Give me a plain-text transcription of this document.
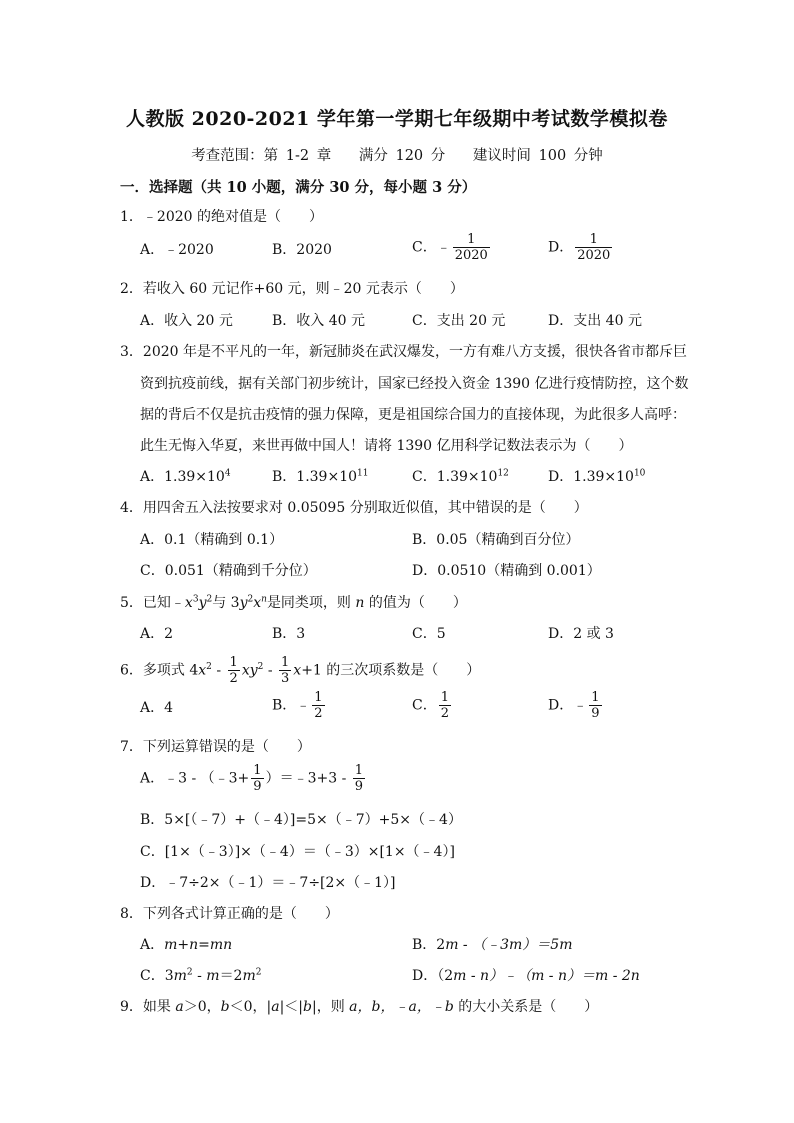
人教版 2020-2021 学年第一学期七年级期中考试数学模拟卷
考查范围：第 1-2 章 满分 120 分 建议时间 100 分钟
一．选择题（共 10 小题，满分 30 分，每小题 3 分）
1．﹣2020 的绝对值是（　　）
A．﹣2020	B．2020	C．﹣ $\frac{1}{2020}$	D． $\frac{1}{2020}$
2．若收入 60 元记作+60 元，则﹣20 元表示（　　）
A．收入 20 元	B．收入 40 元	C．支出 20 元	D．支出 40 元
3．2020 年是不平凡的一年，新冠肺炎在武汉爆发，一方有难八方支援，很快各省市都斥巨
资到抗疫前线，据有关部门初步统计，国家已经投入资金 1390 亿进行疫情防控，这个数
据的背后不仅是抗击疫情的强力保障，更是祖国综合国力的直接体现，为此很多人高呼：
此生无悔入华夏，来世再做中国人！请将 1390 亿用科学记数法表示为（　　）
A．$1.39\times 10^4$	B．$1.39\times 10^{11}$	C．$1.39\times 10^{12}$	D．$1.39\times 10^{10}$
4．用四舍五入法按要求对 0.05095 分别取近似值，其中错误的是（　　）
A．0.1（精确到 0.1）	B．0.05（精确到百分位）
C．0.051（精确到千分位）	D．0.0510（精确到 0.001）
5．已知$﹣x^3y^2$与 $3y^2x^n$是同类项，则 n 的值为（　　）
A．2	B．3	C．5	D．2 或 3
6．多项式 $4x^2 - \frac{1}{2} xy^2 - \frac{1}{3} x+1$ 的三次项系数是（　　）
A．4	B．﹣ $\frac{1}{2}$	C． $\frac{1}{2}$	D．﹣ $\frac{1}{9}$
7．下列运算错误的是（　　）
A．﹣3 - （﹣3+ $\frac{1}{9}$ ）＝﹣3+3 - $\frac{1}{9}$
B．5×[（﹣7）+（﹣4）]=5×（﹣7）+5×（﹣4）
C．[1×（﹣3）]×（﹣4）＝（﹣3）×[1×（﹣4）]
D．﹣7÷2×（﹣1）＝﹣7÷[2×（﹣1）]
8．下列各式计算正确的是（　　）
A．m+n=mn	B．2m - （﹣3m）＝5m
C．$3m^2 - m=2m^2$	D．（2m - n）﹣（m - n）＝m - 2n
9．如果 a＞0，b＜0，|a|＜|b|，则 a，b，﹣a，﹣b 的大小关系是（　　）
